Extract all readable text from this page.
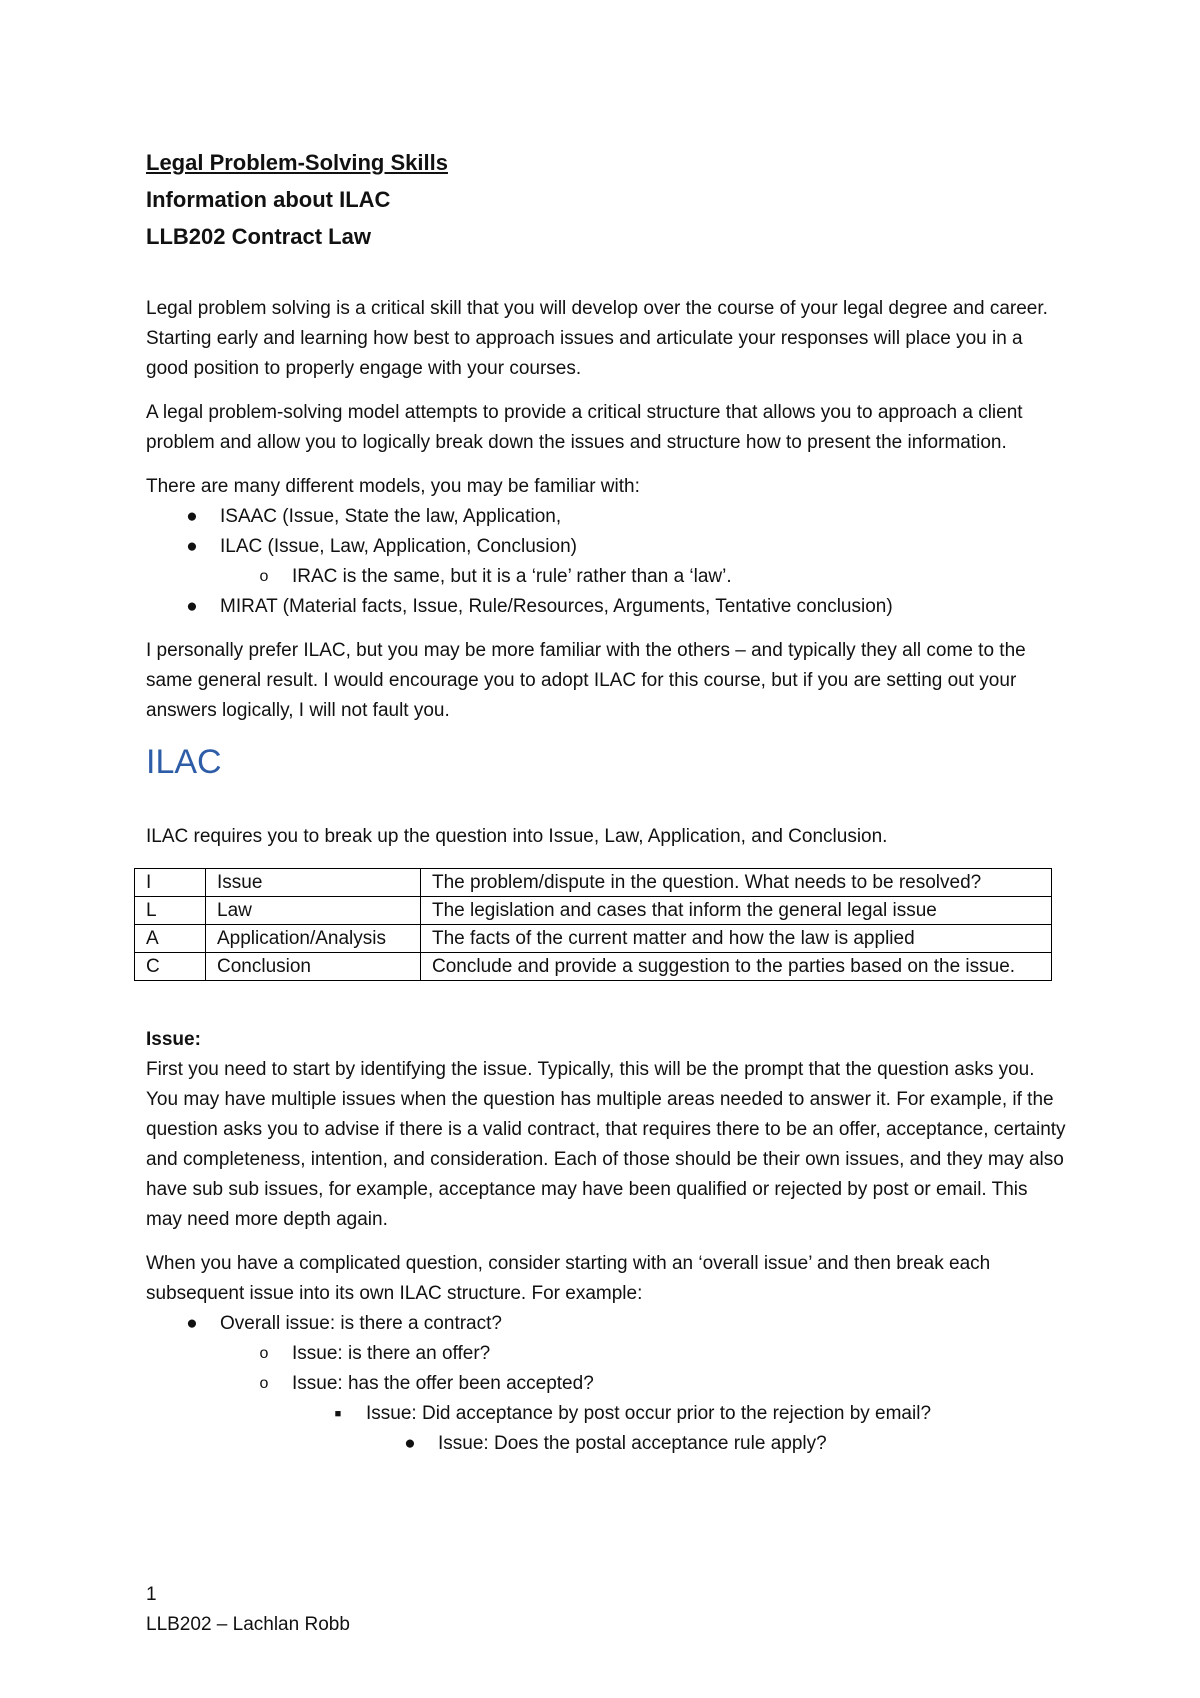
Legal Problem-Solving Skills

Information about ILAC

LLB202 Contract Law

Legal problem solving is a critical skill that you will develop over the course of your legal degree and career. Starting early and learning how best to approach issues and articulate your responses will place you in a good position to properly engage with your courses.

A legal problem-solving model attempts to provide a critical structure that allows you to approach a client problem and allow you to logically break down the issues and structure how to present the information.

There are many different models, you may be familiar with:

● ISAAC (Issue, State the law, Application,
● ILAC (Issue, Law, Application, Conclusion)
o IRAC is the same, but it is a ‘rule’ rather than a ‘law’.
● MIRAT (Material facts, Issue, Rule/Resources, Arguments, Tentative conclusion)

I personally prefer ILAC, but you may be more familiar with the others – and typically they all come to the same general result. I would encourage you to adopt ILAC for this course, but if you are setting out your answers logically, I will not fault you.

ILAC

ILAC requires you to break up the question into Issue, Law, Application, and Conclusion.

I	Issue	The problem/dispute in the question. What needs to be resolved?
L	Law	The legislation and cases that inform the general legal issue
A	Application/Analysis	The facts of the current matter and how the law is applied
C	Conclusion	Conclude and provide a suggestion to the parties based on the issue.

Issue:

First you need to start by identifying the issue. Typically, this will be the prompt that the question asks you. You may have multiple issues when the question has multiple areas needed to answer it. For example, if the question asks you to advise if there is a valid contract, that requires there to be an offer, acceptance, certainty and completeness, intention, and consideration. Each of those should be their own issues, and they may also have sub sub issues, for example, acceptance may have been qualified or rejected by post or email. This may need more depth again.

When you have a complicated question, consider starting with an ‘overall issue’ and then break each subsequent issue into its own ILAC structure. For example:

● Overall issue: is there a contract?
o Issue: is there an offer?
o Issue: has the offer been accepted?
■	Issue: Did acceptance by post occur prior to the rejection by email?
● Issue: Does the postal acceptance rule apply?
1
LLB202 – Lachlan Robb
